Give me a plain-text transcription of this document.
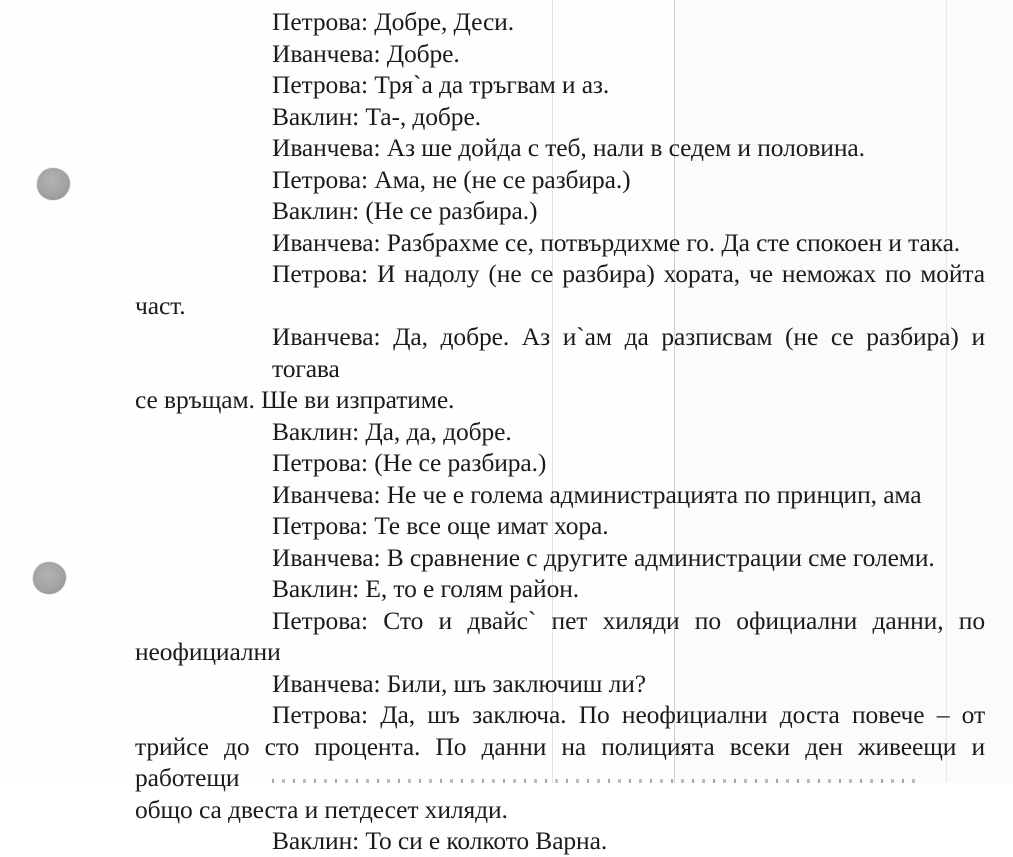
Петрова: Добре, Деси.
Иванчева: Добре.
Петрова: Тря`а да тръгвам и аз.
Ваклин: Та-, добре.
Иванчева: Аз ше дойда с теб, нали в седем и половина.
Петрова: Ама, не (не се разбира.)
Ваклин: (Не се разбира.)
Иванчева: Разбрахме се, потвърдихме го. Да сте спокоен и така.
Петрова: И надолу (не се разбира) хората, че неможах по мойта
част.
Иванчева: Да, добре. Аз и`ам да разписвам (не се разбира) и тогава
се връщам. Ше ви изпратиме.
Ваклин: Да, да, добре.
Петрова: (Не се разбира.)
Иванчева: Не че е голема администрацията по принцип, ама
Петрова: Те все още имат хора.
Иванчева: В сравнение с другите администрации сме големи.
Ваклин: Е, то е голям район.
Петрова: Сто и двайс` пет хиляди по официални данни, по
неофициални
Иванчева: Били, шъ заключиш ли?
Петрова: Да, шъ заключа. По неофициални доста повече – от
трийсе до сто процента. По данни на полицията всеки ден живеещи и работещи
общо са двеста и петдесет хиляди.
Ваклин: То си е колкото Варна.
